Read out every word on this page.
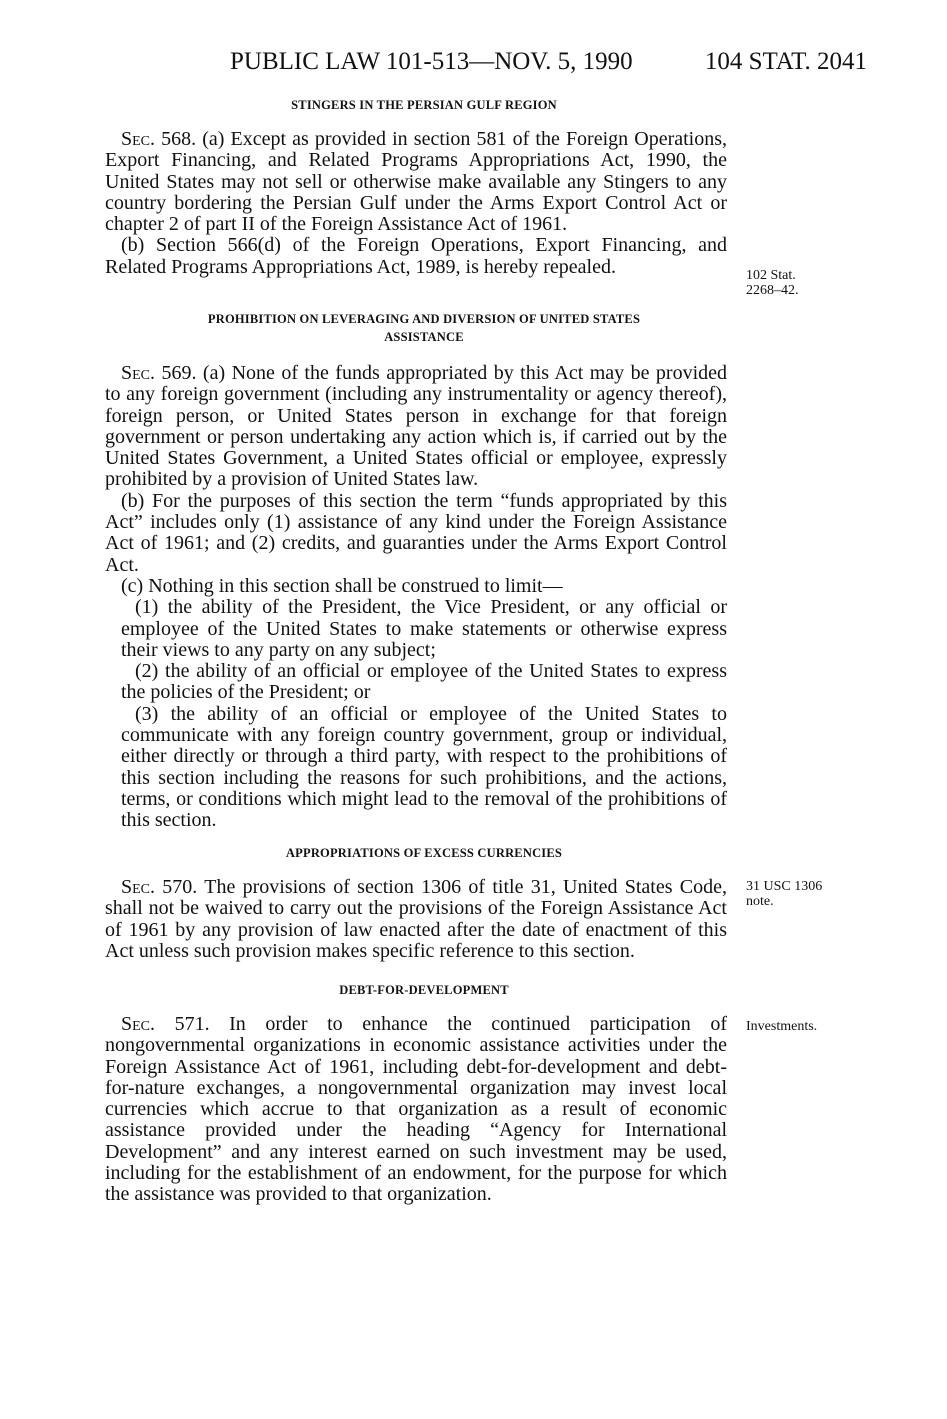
PUBLIC LAW 101-513—NOV. 5, 1990	104 STAT. 2041

STINGERS IN THE PERSIAN GULF REGION

Sec. 568. (a) Except as provided in section 581 of the Foreign Operations, Export Financing, and Related Programs Appropriations Act, 1990, the United States may not sell or otherwise make available any Stingers to any country bordering the Persian Gulf under the Arms Export Control Act or chapter 2 of part II of the Foreign Assistance Act of 1961.

(b) Section 566(d) of the Foreign Operations, Export Financing, and Related Programs Appropriations Act, 1989, is hereby repealed.

PROHIBITION ON LEVERAGING AND DIVERSION OF UNITED STATES

ASSISTANCE

Sec. 569. (a) None of the funds appropriated by this Act may be provided to any foreign government (including any instrumentality or agency thereof), foreign person, or United States person in exchange for that foreign government or person undertaking any action which is, if carried out by the United States Government, a United States official or employee, expressly prohibited by a provision of United States law.

(b) For the purposes of this section the term “funds appropriated by this Act” includes only (1) assistance of any kind under the Foreign Assistance Act of 1961; and (2) credits, and guaranties under the Arms Export Control Act.

(c) Nothing in this section shall be construed to limit—

(1) the ability of the President, the Vice President, or any official or employee of the United States to make statements or otherwise express their views to any party on any subject;

(2) the ability of an official or employee of the United States to express the policies of the President; or

(3) the ability of an official or employee of the United States to communicate with any foreign country government, group or individual, either directly or through a third party, with respect to the prohibitions of this section including the reasons for such prohibitions, and the actions, terms, or conditions which might lead to the removal of the prohibitions of this section.

APPROPRIATIONS OF EXCESS CURRENCIES

Sec. 570. The provisions of section 1306 of title 31, United States Code, shall not be waived to carry out the provisions of the Foreign Assistance Act of 1961 by any provision of law enacted after the date of enactment of this Act unless such provision makes specific reference to this section.

DEBT-FOR-DEVELOPMENT

Sec. 571. In order to enhance the continued participation of nongovernmental organizations in economic assistance activities under the Foreign Assistance Act of 1961, including debt-for-development and debt-for-nature exchanges, a nongovernmental organization may invest local currencies which accrue to that organization as a result of economic assistance provided under the heading “Agency for International Development” and any interest earned on such investment may be used, including for the establishment of an endowment, for the purpose for which the assistance was provided to that organization.

102 Stat.
2268–42.
31 USC 1306
note.
Investments.
